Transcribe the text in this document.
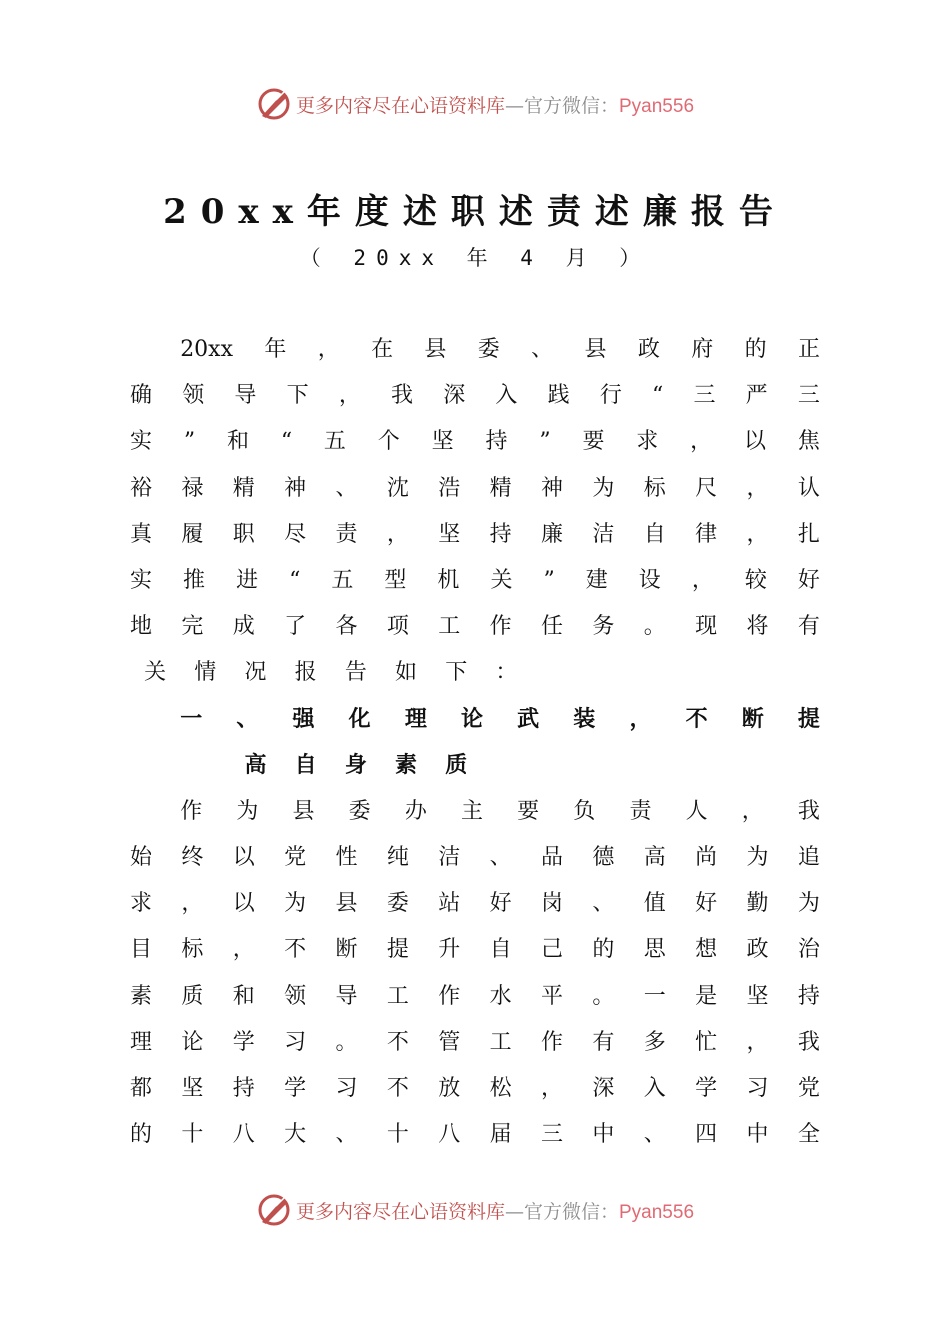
更多内容尽在心语资料库—官方微信：Pyan556
20xx年度述职述责述廉报告
（ 20xx 年 4 月 ）
20xx 年 ， 在 县 委 、 县 政 府 的 正
确 领 导 下 ， 我 深 入 践 行 “ 三 严 三
实 ” 和 “ 五 个 坚 持 ” 要 求 ， 以 焦
裕 禄 精 神 、 沈 浩 精 神 为 标 尺 ， 认
真 履 职 尽 责 ， 坚 持 廉 洁 自 律 ， 扎
实 推 进 “ 五 型 机 关 ” 建 设 ， 较 好
地 完 成 了 各 项 工 作 任 务 。 现 将 有
关	情	况	报	告	如	下	：
一 、 强 化 理 论 武 装 ， 不 断 提
高	自	身	素	质
作 为 县 委 办 主 要 负 责 人 ， 我
始 终 以 党 性 纯 洁 、 品 德 高 尚 为 追
求 ， 以 为 县 委 站 好 岗 、 值 好 勤 为
目 标 ， 不 断 提 升 自 己 的 思 想 政 治
素 质 和 领 导 工 作 水 平 。 一 是 坚 持
理 论 学 习 。 不 管 工 作 有 多 忙 ， 我
都 坚 持 学 习 不 放 松 ， 深 入 学 习 党
的 十 八 大 、 十 八 届 三 中 、 四 中 全
更多内容尽在心语资料库—官方微信：Pyan556
